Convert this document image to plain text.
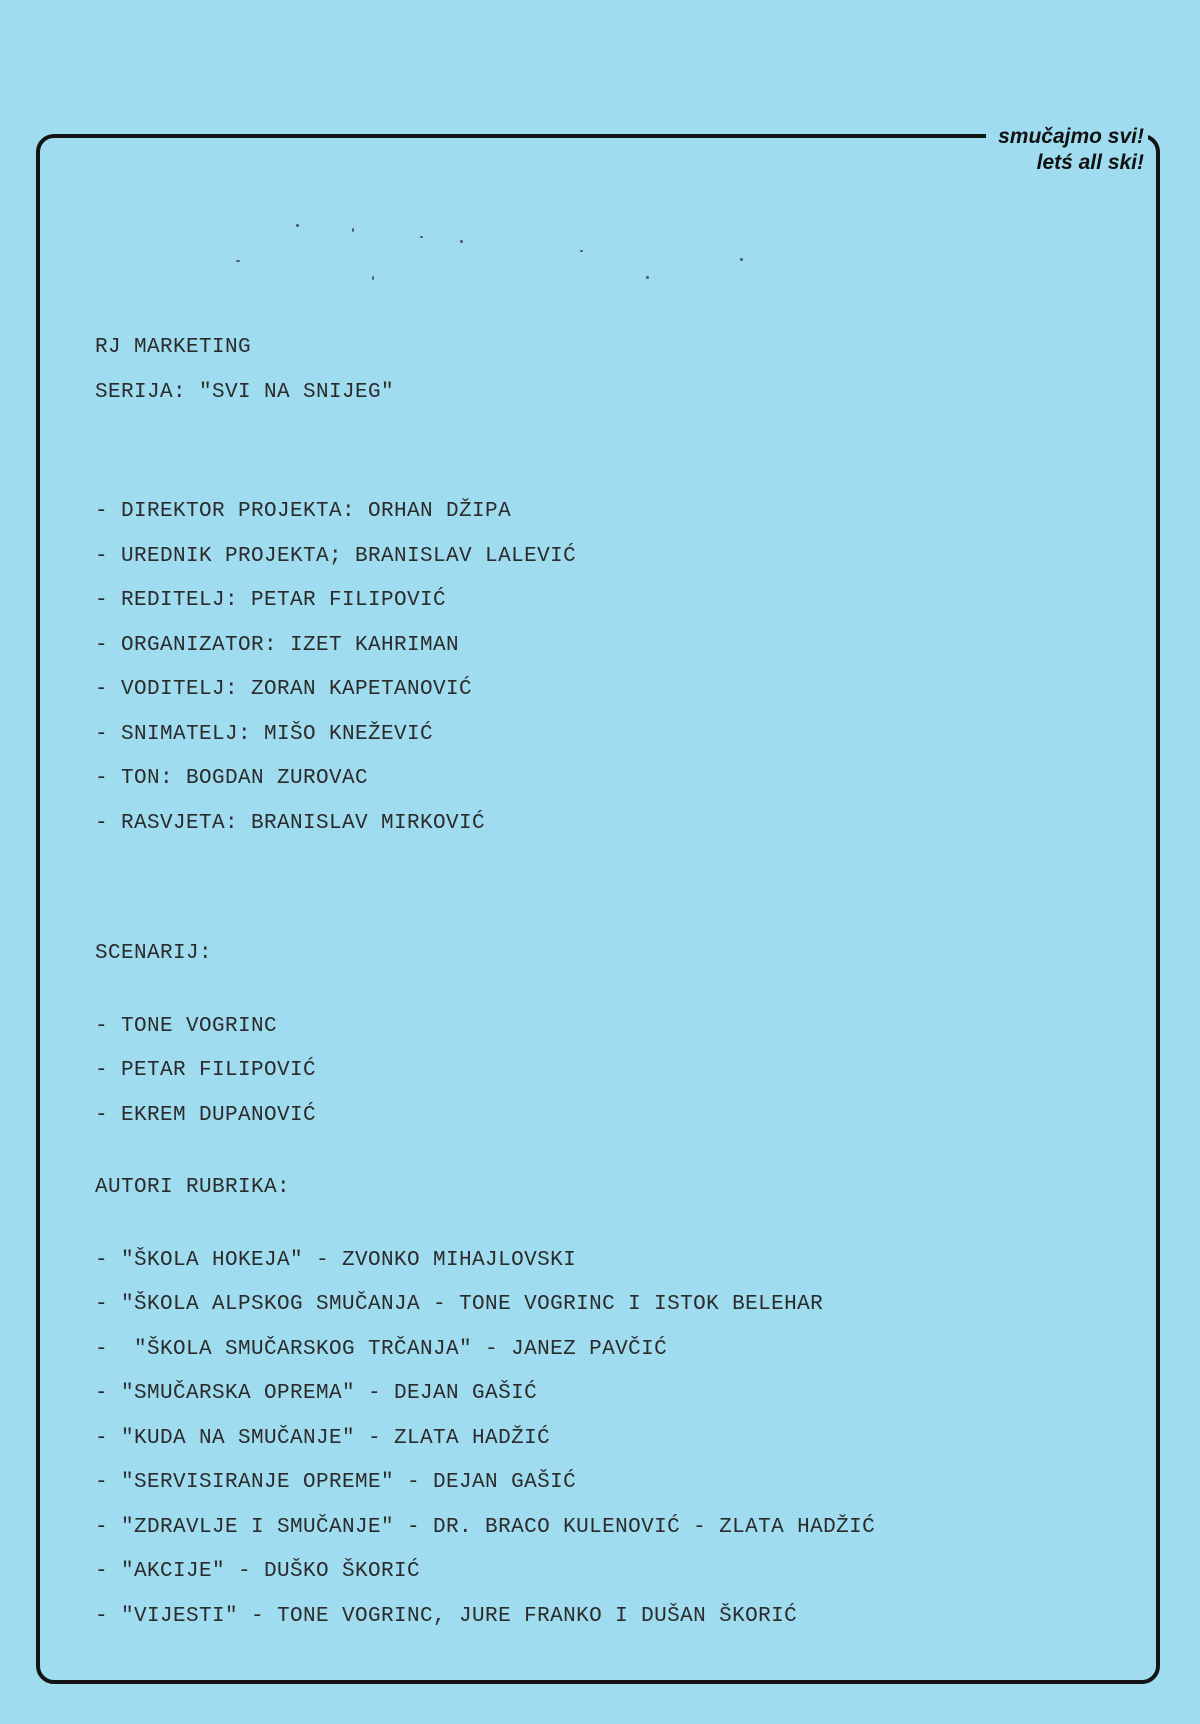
smučajmo svi!
letś all ski!
RJ MARKETING
SERIJA: "SVI NA SNIJEG"
- DIREKTOR PROJEKTA: ORHAN DŽIPA
- UREDNIK PROJEKTA; BRANISLAV LALEVIĆ
- REDITELJ: PETAR FILIPOVIĆ
- ORGANIZATOR: IZET KAHRIMAN
- VODITELJ: ZORAN KAPETANOVIĆ
- SNIMATELJ: MIŠO KNEŽEVIĆ
- TON: BOGDAN ZUROVAC
- RASVJETA: BRANISLAV MIRKOVIĆ
SCENARIJ:
- TONE VOGRINC
- PETAR FILIPOVIĆ
- EKREM DUPANOVIĆ
AUTORI RUBRIKA:
- "ŠKOLA HOKEJA" - ZVONKO MIHAJLOVSKI
- "ŠKOLA ALPSKOG SMUČANJA - TONE VOGRINC I ISTOK BELEHAR
-  "ŠKOLA SMUČARSKOG TRČANJA" - JANEZ PAVČIĆ
- "SMUČARSKA OPREMA" - DEJAN GAŠIĆ
- "KUDA NA SMUČANJE" - ZLATA HADŽIĆ
- "SERVISIRANJE OPREME" - DEJAN GAŠIĆ
- "ZDRAVLJE I SMUČANJE" - DR. BRACO KULENOVIĆ - ZLATA HADŽIĆ
- "AKCIJE" - DUŠKO ŠKORIĆ
- "VIJESTI" - TONE VOGRINC, JURE FRANKO I DUŠAN ŠKORIĆ
